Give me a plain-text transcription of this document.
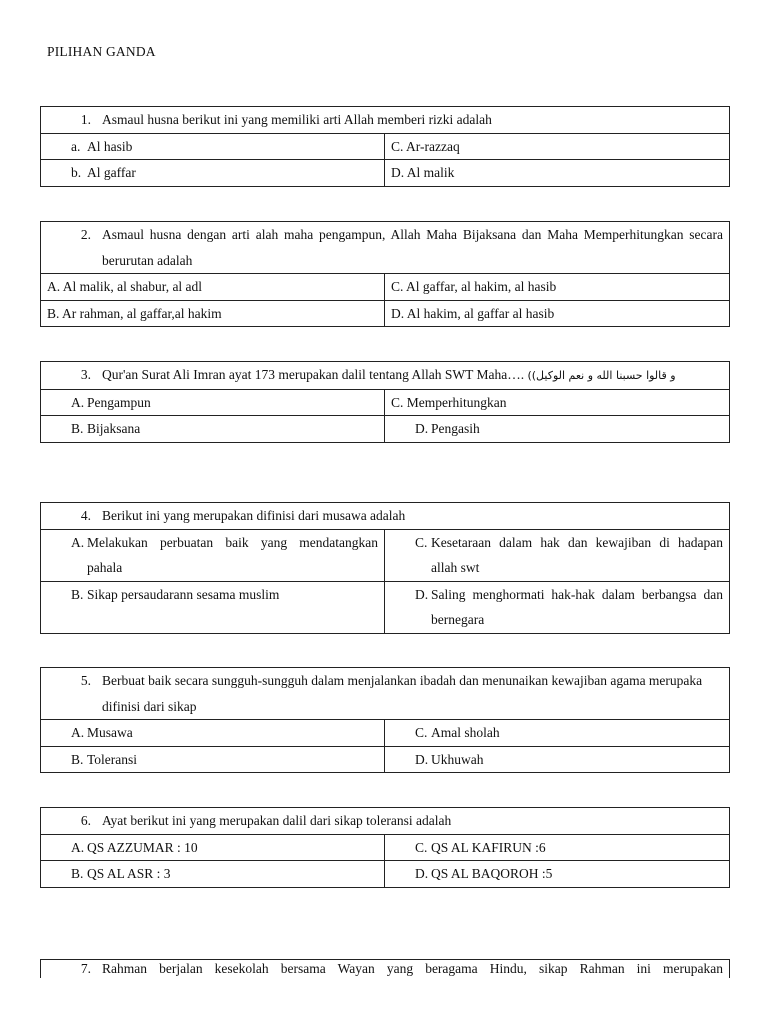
PILIHAN GANDA
1. Asmaul husna berikut ini yang memiliki arti Allah memberi rizki adalah	

a. Al hasib	C. Ar-razzaq

b. Al gaffar	D. Al malik
2. Asmaul husna dengan arti alah maha pengampun, Allah Maha Bijaksana dan Maha Memperhitungkan secara berurutan adalah	

A. Al malik, al shabur, al adl	C. Al gaffar, al hakim, al hasib
B. Ar rahman, al gaffar,al hakim	D. Al hakim, al gaffar al hasib
3. Qur'an Surat Ali Imran ayat 173 merupakan dalil tentang Allah SWT Maha…. و قالوا حسبنا الله و نعم الوكيل))	

A. Pengampun	C. Memperhitungkan

B. Bijaksana	D. Pengasih
4. Berikut ini yang merupakan difinisi dari musawa adalah	

A. Melakukan perbuatan baik yang mendatangkan pahala	C. Kesetaraan dalam hak dan kewajiban di hadapan allah swt

B. Sikap persaudarann sesama muslim	D. Saling menghormati hak-hak dalam berbangsa dan bernegara
5. Berbuat baik secara sungguh-sungguh dalam menjalankan ibadah dan menunaikan kewajiban agama merupaka difinisi dari sikap	

A. Musawa	C. Amal sholah

B. Toleransi	D. Ukhuwah
6. Ayat berikut ini yang merupakan dalil dari sikap toleransi adalah	

A. QS AZZUMAR : 10	C. QS AL KAFIRUN :6

B. QS AL ASR : 3	D. QS AL BAQOROH :5
7. Rahman berjalan kesekolah bersama Wayan yang beragama Hindu, sikap Rahman ini merupakan
